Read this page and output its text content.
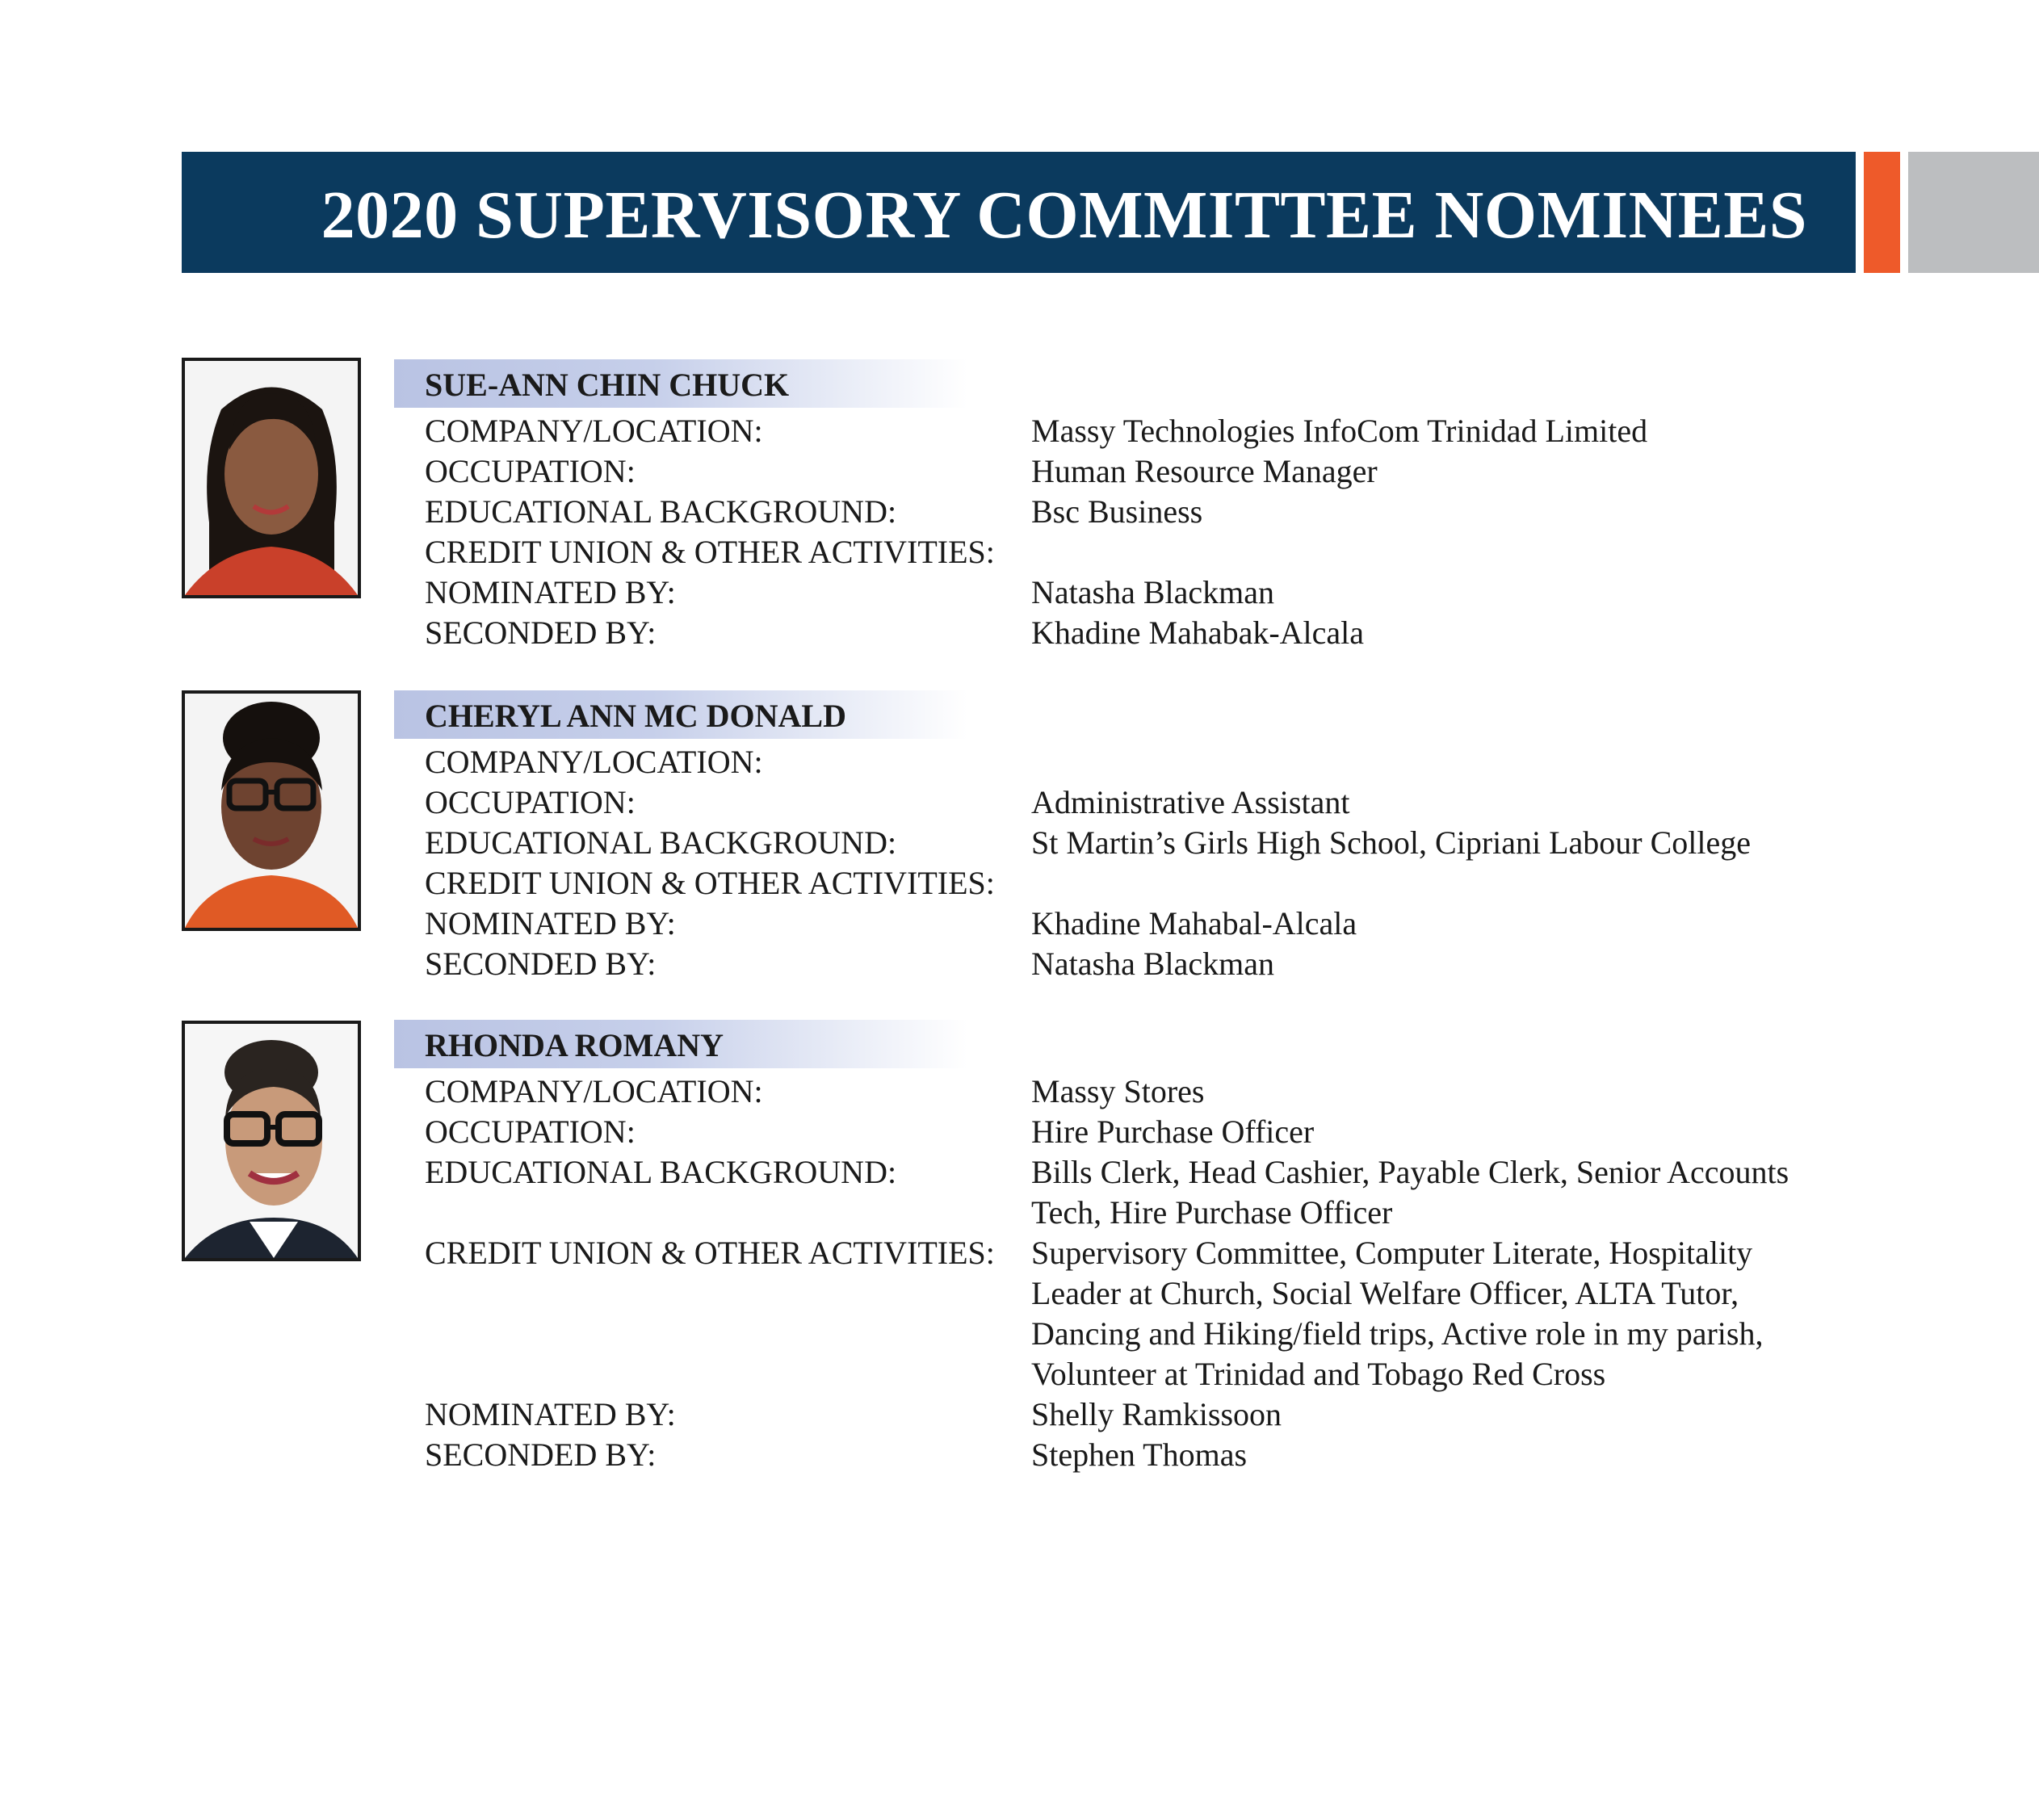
2020 SUPERVISORY COMMITTEE NOMINEES
SUE-ANN CHIN CHUCK
COMPANY/LOCATION:	Massy Technologies InfoCom Trinidad Limited
OCCUPATION:	Human Resource Manager
EDUCATIONAL BACKGROUND:	Bsc Business
CREDIT UNION & OTHER ACTIVITIES:
NOMINATED BY:	Natasha Blackman
SECONDED BY:	Khadine Mahabak-Alcala
CHERYL ANN MC DONALD
COMPANY/LOCATION:
OCCUPATION:	Administrative Assistant
EDUCATIONAL BACKGROUND:	St Martin’s Girls High School, Cipriani Labour College
CREDIT UNION & OTHER ACTIVITIES:
NOMINATED BY:	Khadine Mahabal-Alcala
SECONDED BY:	Natasha Blackman
RHONDA ROMANY
COMPANY/LOCATION:	Massy Stores
OCCUPATION:	Hire Purchase Officer
EDUCATIONAL BACKGROUND:	Bills Clerk, Head Cashier, Payable Clerk, Senior Accounts Tech, Hire Purchase Officer
CREDIT UNION & OTHER ACTIVITIES: Supervisory Committee, Computer Literate, Hospitality Leader at Church, Social Welfare Officer, ALTA Tutor, Dancing and Hiking/field trips, Active role in my parish, Volunteer at Trinidad and Tobago Red Cross
NOMINATED BY:	Shelly Ramkissoon
SECONDED BY:	Stephen Thomas
